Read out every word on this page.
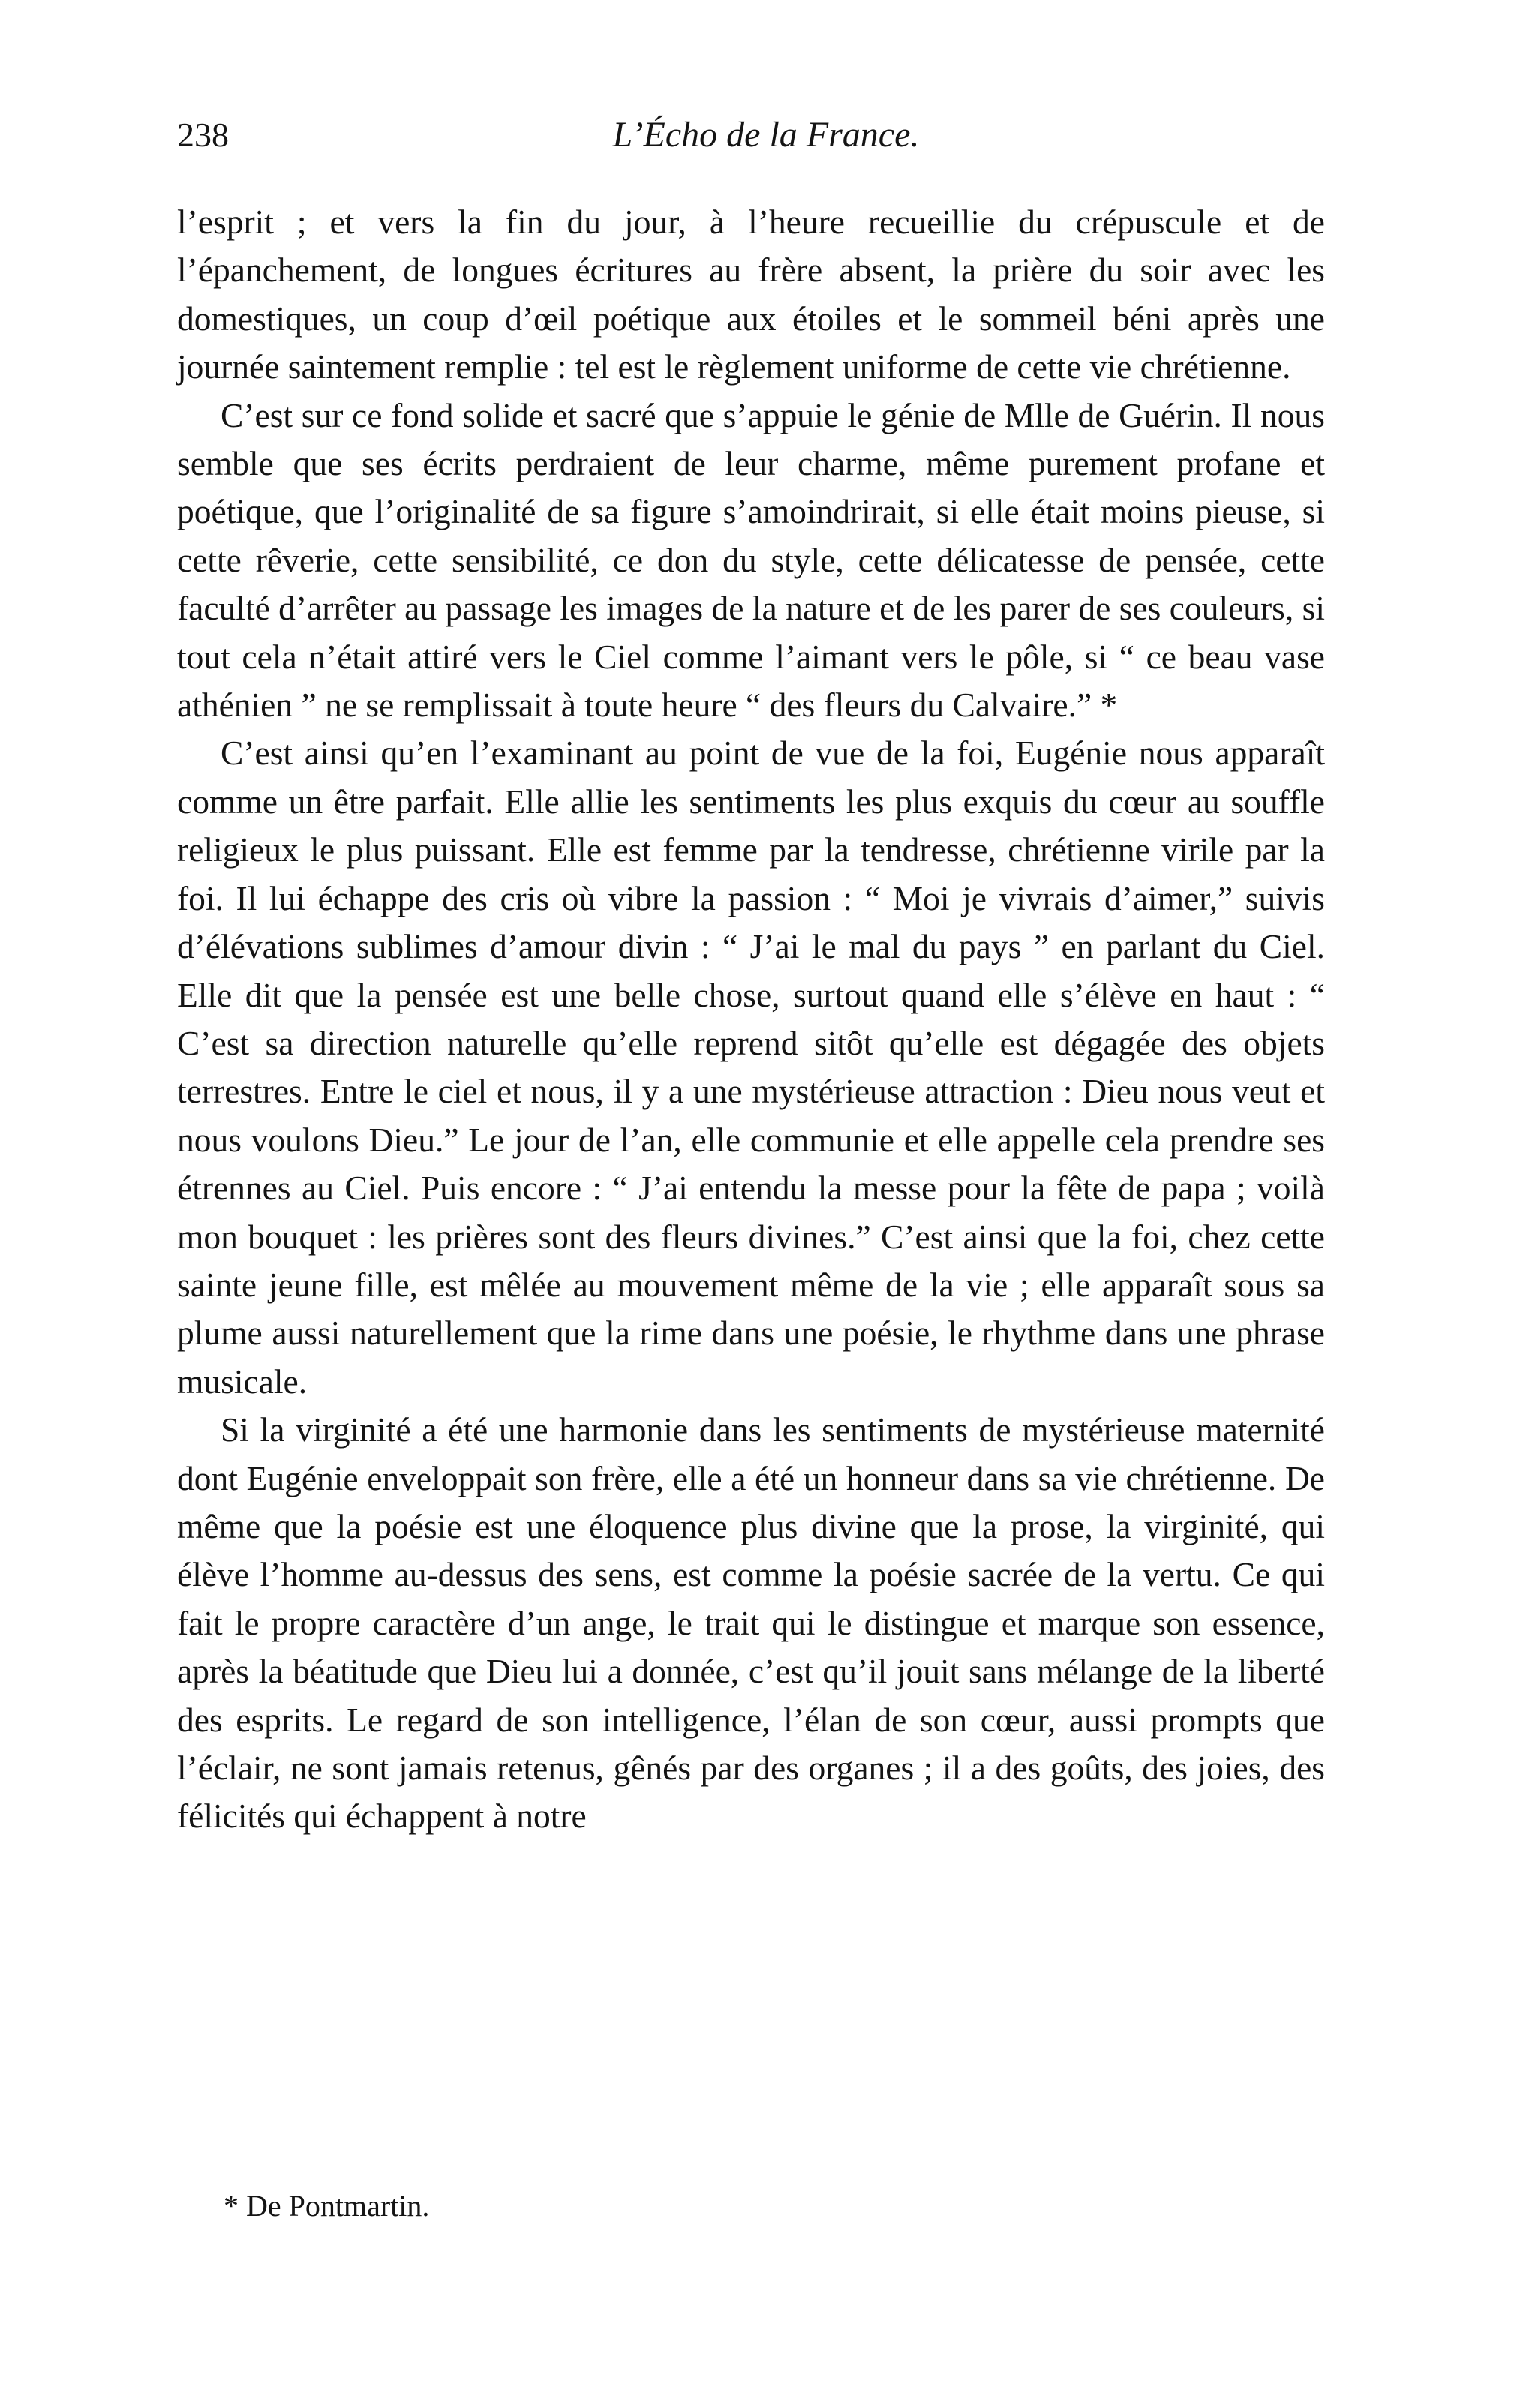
238	L’Écho de la France.

l’esprit ; et vers la fin du jour, à l’heure recueillie du crépuscule et de l’épanchement, de longues écritures au frère absent, la prière du soir avec les domestiques, un coup d’œil poétique aux étoiles et le sommeil béni après une journée saintement remplie : tel est le règlement uniforme de cette vie chrétienne.

C’est sur ce fond solide et sacré que s’appuie le génie de Mlle de Guérin. Il nous semble que ses écrits perdraient de leur charme, même purement profane et poétique, que l’originalité de sa figure s’amoindrirait, si elle était moins pieuse, si cette rêverie, cette sensibilité, ce don du style, cette délicatesse de pensée, cette faculté d’arrêter au passage les images de la nature et de les parer de ses couleurs, si tout cela n’était attiré vers le Ciel comme l’aimant vers le pôle, si “ ce beau vase athénien ” ne se remplissait à toute heure “ des fleurs du Calvaire.” *

C’est ainsi qu’en l’examinant au point de vue de la foi, Eugénie nous apparaît comme un être parfait. Elle allie les sentiments les plus exquis du cœur au souffle religieux le plus puissant. Elle est femme par la tendresse, chrétienne virile par la foi. Il lui échappe des cris où vibre la passion : “ Moi je vivrais d’aimer,” suivis d’élévations sublimes d’amour divin : “ J’ai le mal du pays ” en parlant du Ciel. Elle dit que la pensée est une belle chose, surtout quand elle s’élève en haut : “ C’est sa direction naturelle qu’elle reprend sitôt qu’elle est dégagée des objets terrestres. Entre le ciel et nous, il y a une mystérieuse attraction : Dieu nous veut et nous voulons Dieu.” Le jour de l’an, elle communie et elle appelle cela prendre ses étrennes au Ciel. Puis encore : “ J’ai entendu la messe pour la fête de papa ; voilà mon bouquet : les prières sont des fleurs divines.” C’est ainsi que la foi, chez cette sainte jeune fille, est mêlée au mouvement même de la vie ; elle apparaît sous sa plume aussi naturellement que la rime dans une poésie, le rhythme dans une phrase musicale.

Si la virginité a été une harmonie dans les sentiments de mystérieuse maternité dont Eugénie enveloppait son frère, elle a été un honneur dans sa vie chrétienne. De même que la poésie est une éloquence plus divine que la prose, la virginité, qui élève l’homme au-dessus des sens, est comme la poésie sacrée de la vertu. Ce qui fait le propre caractère d’un ange, le trait qui le distingue et marque son essence, après la béatitude que Dieu lui a donnée, c’est qu’il jouit sans mélange de la liberté des esprits. Le regard de son intelligence, l’élan de son cœur, aussi prompts que l’éclair, ne sont jamais retenus, gênés par des organes ; il a des goûts, des joies, des félicités qui échappent à notre

* De Pontmartin.
